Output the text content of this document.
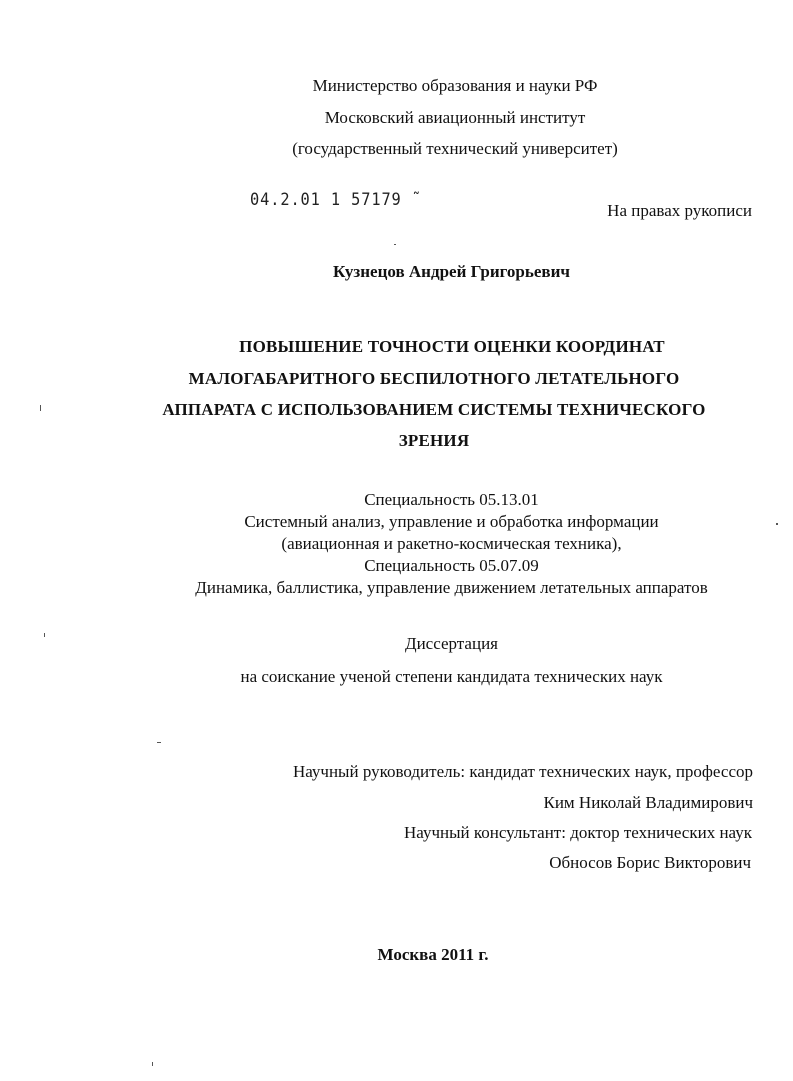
Министерство образования и науки РФ
Московский авиационный институт
(государственный технический университет)
04.2.01 1 57179 ˜
На правах рукописи
Кузнецов Андрей Григорьевич
ПОВЫШЕНИЕ ТОЧНОСТИ ОЦЕНКИ КООРДИНАТ
МАЛОГАБАРИТНОГО БЕСПИЛОТНОГО ЛЕТАТЕЛЬНОГО
АППАРАТА С ИСПОЛЬЗОВАНИЕМ СИСТЕМЫ ТЕХНИЧЕСКОГО
ЗРЕНИЯ
Специальность 05.13.01
Системный анализ, управление и обработка информации
(авиационная и ракетно-космическая техника),
Специальность 05.07.09
Динамика, баллистика, управление движением летательных аппаратов
Диссертация
на соискание ученой степени кандидата технических наук
Научный руководитель: кандидат технических наук, профессор
Ким Николай Владимирович
Научный консультант: доктор технических наук
Обносов Борис Викторович
Москва 2011 г.
